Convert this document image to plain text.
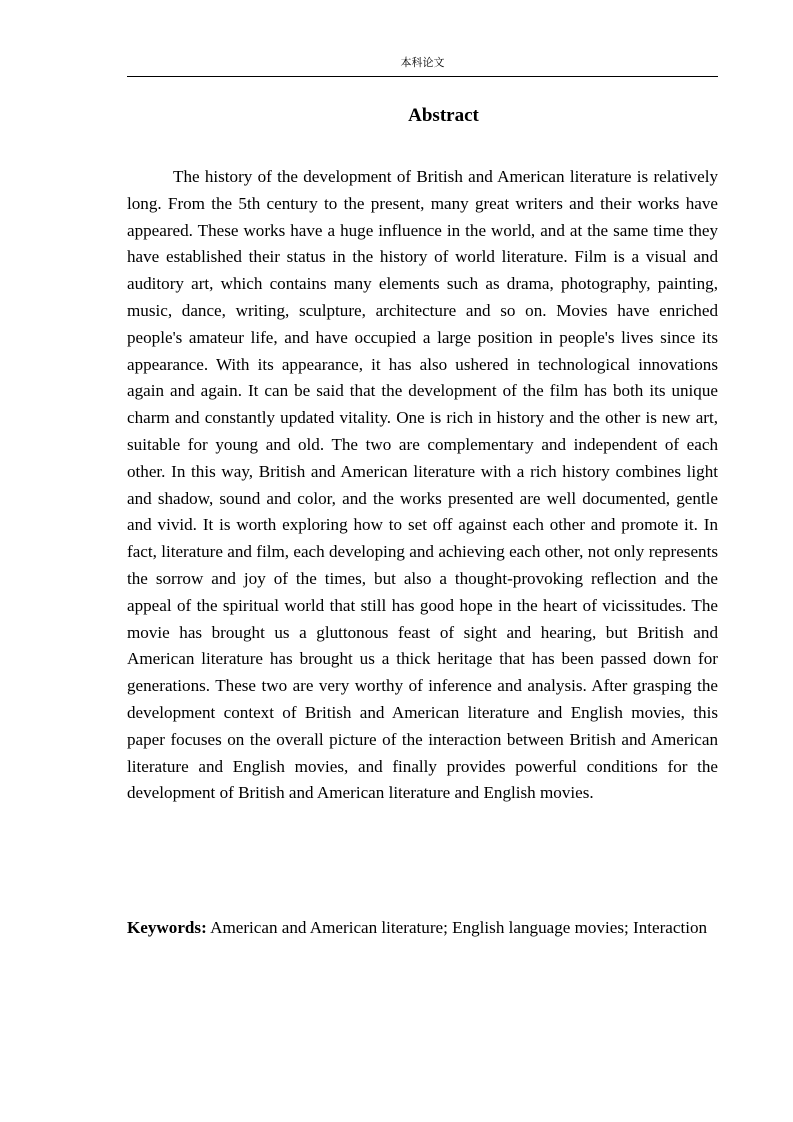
本科论文
Abstract

The history of the development of British and American literature is relatively long. From the 5th century to the present, many great writers and their works have appeared. These works have a huge influence in the world, and at the same time they have established their status in the history of world literature. Film is a visual and auditory art, which contains many elements such as drama, photography, painting, music, dance, writing, sculpture, architecture and so on. Movies have enriched people's amateur life, and have occupied a large position in people's lives since its appearance. With its appearance, it has also ushered in technological innovations again and again. It can be said that the development of the film has both its unique charm and constantly updated vitality. One is rich in history and the other is new art, suitable for young and old. The two are complementary and independent of each other. In this way, British and American literature with a rich history combines light and shadow, sound and color, and the works presented are well documented, gentle and vivid. It is worth exploring how to set off against each other and promote it. In fact, literature and film, each developing and achieving each other, not only represents the sorrow and joy of the times, but also a thought-provoking reflection and the appeal of the spiritual world that still has good hope in the heart of vicissitudes. The movie has brought us a gluttonous feast of sight and hearing, but British and American literature has brought us a thick heritage that has been passed down for generations. These two are very worthy of inference and analysis. After grasping the development context of British and American literature and English movies, this paper focuses on the overall picture of the interaction between British and American literature and English movies, and finally provides powerful conditions for the development of British and American literature and English movies.

Keywords: American and American literature; English language movies; Interaction
